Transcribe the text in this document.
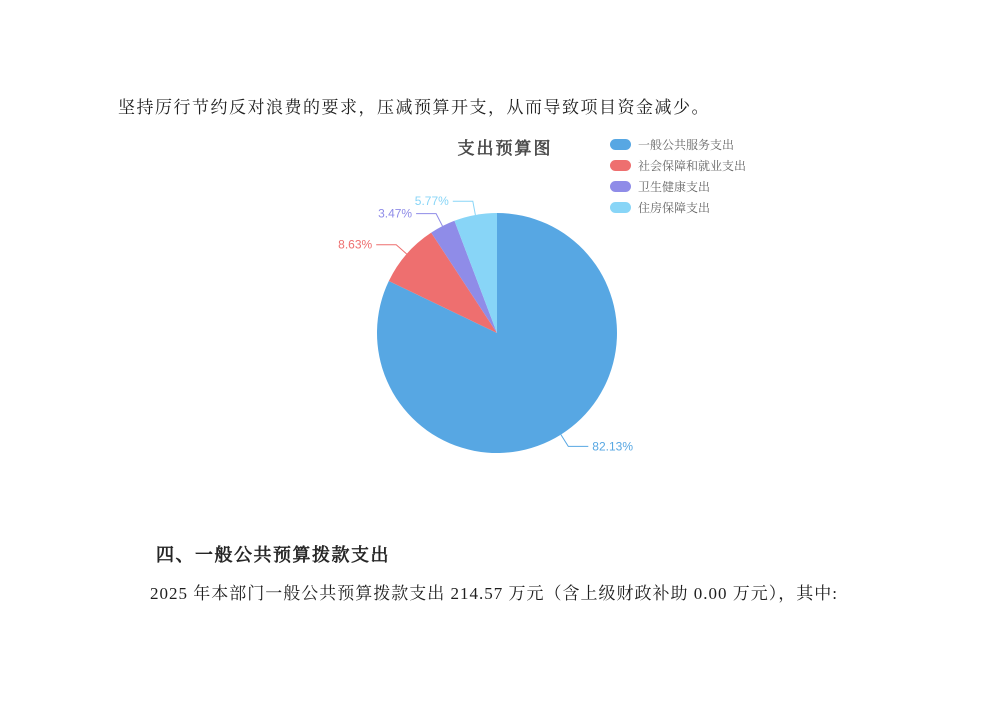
坚持厉行节约反对浪费的要求，压减预算开支，从而导致项目资金减少。

支出预算图	一般公共服务支出
社会保障和就业支出
卫生健康支出
住房保障支出
82.13%
8.63%
3.47%
5.77%
四、一般公共预算拨款支出

2025 年本部门一般公共预算拨款支出 214.57 万元（含上级财政补助 0.00 万元），其中:
